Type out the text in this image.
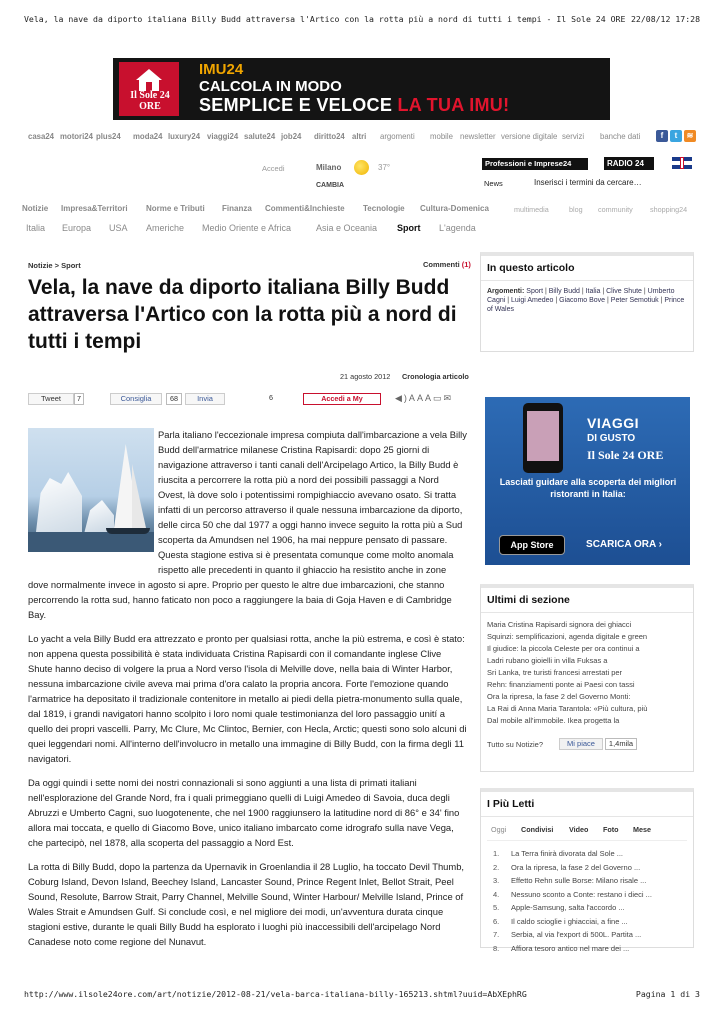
Vela, la nave da diporto italiana Billy Budd attraversa l'Artico con la rotta più a nord di tutti i tempi - Il Sole 24 ORE 22/08/12 17:28
Il Sole 24 ORE
IMU24
CALCOLA IN MODO
SEMPLICE E VELOCE LA TUA IMU!
casa24 motori24 plus24 moda24 luxury24 viaggi24 salute24 job24 diritto24 altri argomenti mobile newsletter versione digitale servizi banche dati	f	t	≋
Accedi	Milano
CAMBIA
37°	Professioni e Imprese24	RADIO 24
News	Inserisci i termini da cercare…
Notizie Impresa&Territori Norme e Tributi Finanza Commenti&Inchieste Tecnologie Cultura-Domenica	multimedia	blog community shopping24
Italia Europa USA Americhe Medio Oriente e Africa	Asia e Oceania Sport L'agenda
Notizie > Sport	Commenti (1)
Vela, la nave da diporto italiana Billy Budd attraversa l'Artico con la rotta più a nord di tutti i tempi
21 agosto 2012 Cronologia articolo
Tweet	7	Consiglia	68	Invia	6	Accedi a My	◀)AAA▭✉

Parla italiano l'eccezionale impresa compiuta dall'imbarcazione a vela Billy Budd dell'armatrice milanese Cristina Rapisardi: dopo 25 giorni di navigazione attraverso i tanti canali dell'Arcipelago Artico, la Billy Budd è riuscita a percorrere la rotta più a nord dei possibili passaggi a Nord Ovest, là dove solo i potentissimi rompighiaccio avevano osato. Si tratta infatti di un percorso attraverso il quale nessuna imbarcazione da diporto, delle circa 50 che dal 1977 a oggi hanno invece seguito la rotta più a Sud scoperta da Amundsen nel 1906, ha mai neppure pensato di passare. Questa stagione estiva si è presentata comunque come molto anomala rispetto alle precedenti in quanto il ghiaccio ha resistito anche in zone dove normalmente invece in agosto si apre. Proprio per questo le altre due imbarcazioni, che stanno percorrendo la rotta sud, hanno faticato non poco a raggiungere la baia di Goja Haven e di Cambridge Bay.

Lo yacht a vela Billy Budd era attrezzato e pronto per qualsiasi rotta, anche la più estrema, e così è stato: non appena questa possibilità è stata individuata Cristina Rapisardi con il comandante inglese Clive Shute hanno deciso di volgere la prua a Nord verso l'isola di Melville dove, nella baia di Winter Harbor, nessuna imbarcazione civile aveva mai prima d'ora calato la propria ancora. Forte l'emozione quando l'armatrice ha depositato il tradizionale contenitore in metallo ai piedi della pietra-monumento sulla quale, dal 1819, i grandi navigatori hanno scolpito i loro nomi quale testimonianza del loro passaggio unití a quello dei propri vascelli. Parry, Mc Clure, Mc Clintoc, Bernier, con Hecla, Arctic; questi sono solo alcuni di quei leggendari nomi. All'interno dell'involucro in metallo una immagine di Billy Budd, con la firma degli 11 navigatori.

Da oggi quindi i sette nomi dei nostri connazionali si sono aggiunti a una lista di primati italiani nell'esplorazione del Grande Nord, fra i quali primeggiano quelli di Luigi Amedeo di Savoia, duca degli Abruzzi e Umberto Cagni, suo luogotenente, che nel 1900 raggiunsero la latitudine nord di 86° e 34' fino allora mai toccata, e quello di Giacomo Bove, unico italiano imbarcato come idrografo sulla nave Vega, che partecipò, nel 1878, alla scoperta del passaggio a Nord Est.

La rotta di Billy Budd, dopo la partenza da Upernavik in Groenlandia il 28 Luglio, ha toccato Devil Thumb, Coburg Island, Devon Island, Beechey Island, Lancaster Sound, Prince Regent Inlet, Bellot Strait, Peel Sound, Resolute, Barrow Strait, Parry Channel, Melville Sound, Winter Harbour/ Melville Island, Prince of Wales Strait e Amundsen Gulf. Si conclude così, e nel migliore dei modi, un'avventura durata cinque stagioni estive, durante le quali Billy Budd ha esplorato i luoghi più inaccessibili dell'arcipelago Nord Canadese noto come regione del Nunavut.

In questo articolo
Argomenti: Sport | Billy Budd | Italia | Clive Shute | Umberto Cagni | Luigi Amedeo | Giacomo Bove | Peter Semotiuk | Prince of Wales
VIAGGI
DI GUSTO
Il Sole 24 ORE
Lasciati guidare alla scoperta dei migliori ristoranti in Italia:
App Store	SCARICA ORA ›
Ultimi di sezione
Maria Cristina Rapisardi signora dei ghiacci
Squinzi: semplificazioni, agenda digitale e green
Il giudice: la piccola Celeste per ora continui a
Ladri rubano gioielli in villa Fuksas a
Sri Lanka, tre turisti francesi arrestati per
Rehn: finanziamenti ponte ai Paesi con tassi
Ora la ripresa, la fase 2 del Governo Monti:
La Rai di Anna Maria Tarantola: «Più cultura, più
Dal mobile all'immobile. Ikea progetta la
Tutto su Notizie?	Mi piace	1,4mila
I Più Letti
Oggi Condivisi Video Foto Mese
1. La Terra finirà divorata dal Sole ...
2. Ora la ripresa, la fase 2 del Governo ...
3. Effetto Rehn sulle Borse: Milano risale ...
4. Nessuno sconto a Conte: restano i dieci ...
5. Apple-Samsung, salta l'accordo ...
6. Il caldo scioglie i ghiacciai, a fine ...
7. Serbia, al via l'export di 500L. Partita ...
8. Affiora tesoro antico nel mare dei ...
http://www.ilsole24ore.com/art/notizie/2012-08-21/vela-barca-italiana-billy-165213.shtml?uuid=AbXEphRG	Pagina 1 di 3
